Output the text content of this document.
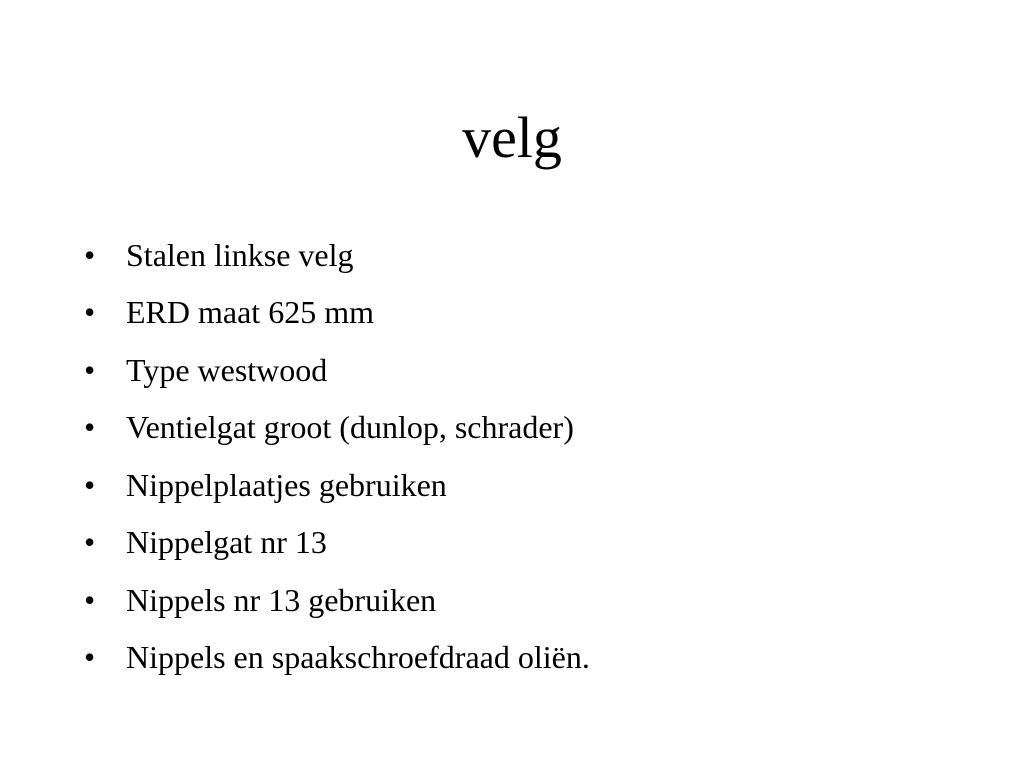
velg
• Stalen linkse velg
• ERD maat 625 mm
• Type westwood
• Ventielgat groot (dunlop, schrader)
• Nippelplaatjes gebruiken
• Nippelgat nr 13
• Nippels nr 13 gebruiken
• Nippels en spaakschroefdraad oliën.
